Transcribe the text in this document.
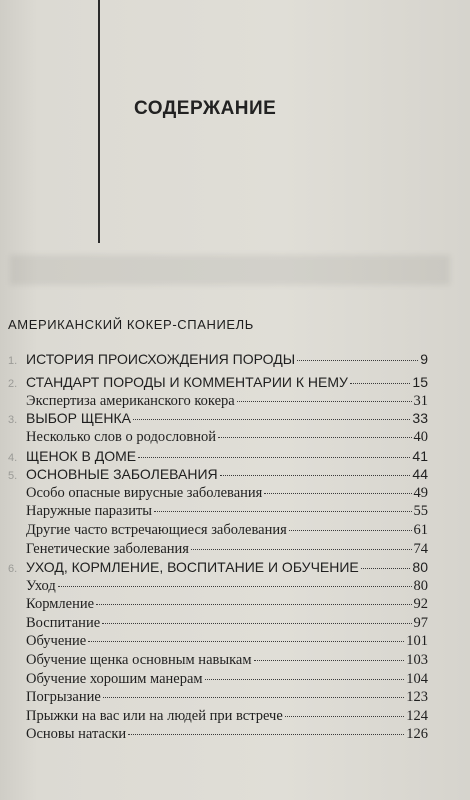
СОДЕРЖАНИЕ
АМЕРИКАНСКИЙ КОКЕР-СПАНИЕЛЬ
1. ИСТОРИЯ ПРОИСХОЖДЕНИЯ ПОРОДЫ	9
2. СТАНДАРТ ПОРОДЫ И КОММЕНТАРИИ К НЕМУ	15
Экспертиза американского кокера	31
3. ВЫБОР ЩЕНКА	33
Несколько слов о родословной	40
4. ЩЕНОК В ДОМЕ	41
5. ОСНОВНЫЕ ЗАБОЛЕВАНИЯ	44
Особо опасные вирусные заболевания	49
Наружные паразиты	55
Другие часто встречающиеся заболевания	61
Генетические заболевания	74
6. УХОД, КОРМЛЕНИЕ, ВОСПИТАНИЕ И ОБУЧЕНИЕ	80
Уход	80
Кормление	92
Воспитание	97
Обучение	101
Обучение щенка основным навыкам	103
Обучение хорошим манерам	104
Погрызание	123
Прыжки на вас или на людей при встрече	124
Основы натаски	126
